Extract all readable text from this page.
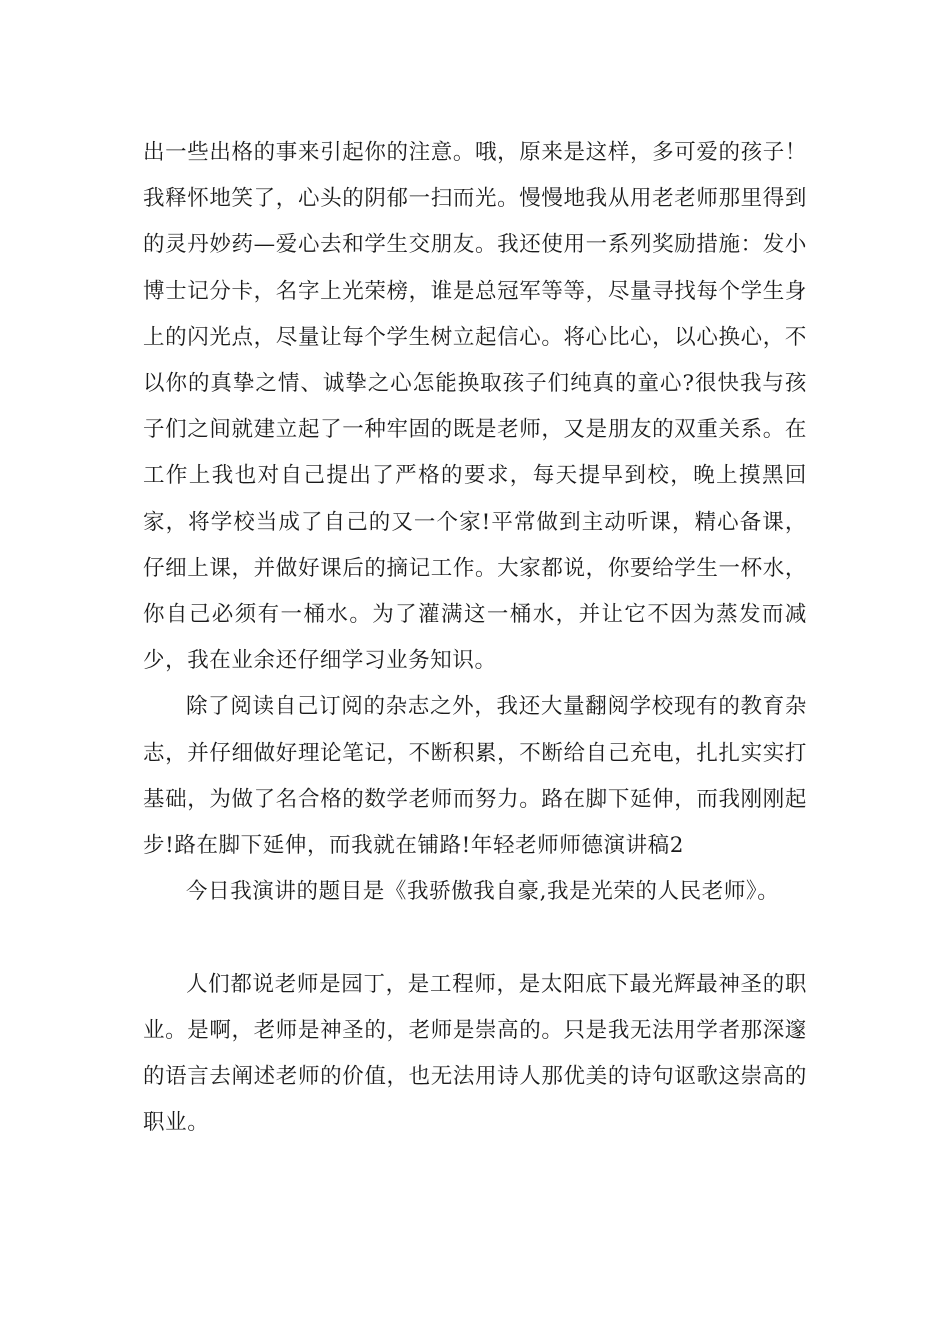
出一些出格的事来引起你的注意。哦，原来是这样，多可爱的孩子！我释怀地笑了，心头的阴郁一扫而光。慢慢地我从用老老师那里得到的灵丹妙药—爱心去和学生交朋友。我还使用一系列奖励措施：发小博士记分卡，名字上光荣榜，谁是总冠军等等，尽量寻找每个学生身上的闪光点，尽量让每个学生树立起信心。将心比心，以心换心，不以你的真挚之情、诚挚之心怎能换取孩子们纯真的童心?很快我与孩子们之间就建立起了一种牢固的既是老师，又是朋友的双重关系。在工作上我也对自己提出了严格的要求，每天提早到校，晚上摸黑回家，将学校当成了自己的又一个家!平常做到主动听课，精心备课，仔细上课，并做好课后的摘记工作。大家都说，你要给学生一杯水，你自己必须有一桶水。为了灌满这一桶水，并让它不因为蒸发而减少，我在业余还仔细学习业务知识。

除了阅读自己订阅的杂志之外，我还大量翻阅学校现有的教育杂志，并仔细做好理论笔记，不断积累，不断给自己充电，扎扎实实打基础，为做了名合格的数学老师而努力。路在脚下延伸，而我刚刚起步!路在脚下延伸，而我就在铺路!年轻老师师德演讲稿2

今日我演讲的题目是《我骄傲我自豪,我是光荣的人民老师》。

人们都说老师是园丁，是工程师，是太阳底下最光辉最神圣的职业。是啊，老师是神圣的，老师是崇高的。只是我无法用学者那深邃的语言去阐述老师的价值，也无法用诗人那优美的诗句讴歌这崇高的职业。
